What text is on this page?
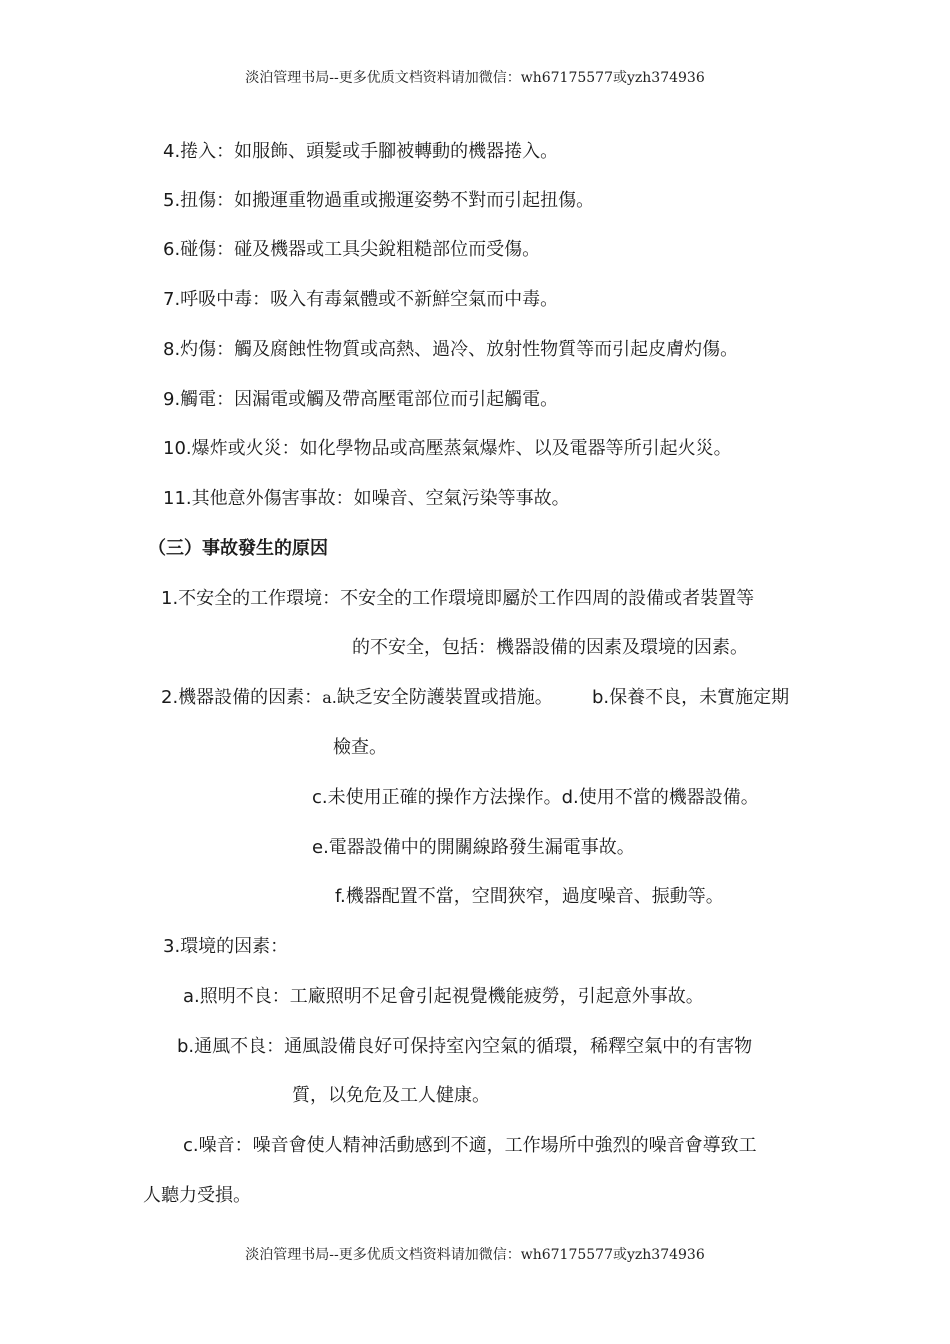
淡泊管理书局--更多优质文档资料请加微信：wh67175577或yzh374936
4.捲入：如服飾、頭髮或手腳被轉動的機器捲入。
5.扭傷：如搬運重物過重或搬運姿勢不對而引起扭傷。
6.碰傷：碰及機器或工具尖銳粗糙部位而受傷。
7.呼吸中毒：吸入有毒氣體或不新鮮空氣而中毒。
8.灼傷：觸及腐蝕性物質或高熱、過冷、放射性物質等而引起皮膚灼傷。
9.觸電：因漏電或觸及帶高壓電部位而引起觸電。
10.爆炸或火災：如化學物品或高壓蒸氣爆炸、以及電器等所引起火災。
11.其他意外傷害事故：如噪音、空氣污染等事故。
（三）事故發生的原因
1.不安全的工作環境：不安全的工作環境即屬於工作四周的設備或者裝置等
的不安全，包括：機器設備的因素及環境的因素。
2.機器設備的因素：a.缺乏安全防護裝置或措施。 b.保養不良，未實施定期
檢查。
c.未使用正確的操作方法操作。d.使用不當的機器設備。
e.電器設備中的開關線路發生漏電事故。
f.機器配置不當，空間狹窄，過度噪音、振動等。
3.環境的因素：
a.照明不良：工廠照明不足會引起視覺機能疲勞，引起意外事故。
b.通風不良：通風設備良好可保持室內空氣的循環，稀釋空氣中的有害物
質，以免危及工人健康。
c.噪音：噪音會使人精神活動感到不適，工作場所中強烈的噪音會導致工
人聽力受損。
淡泊管理书局--更多优质文档资料请加微信：wh67175577或yzh374936
